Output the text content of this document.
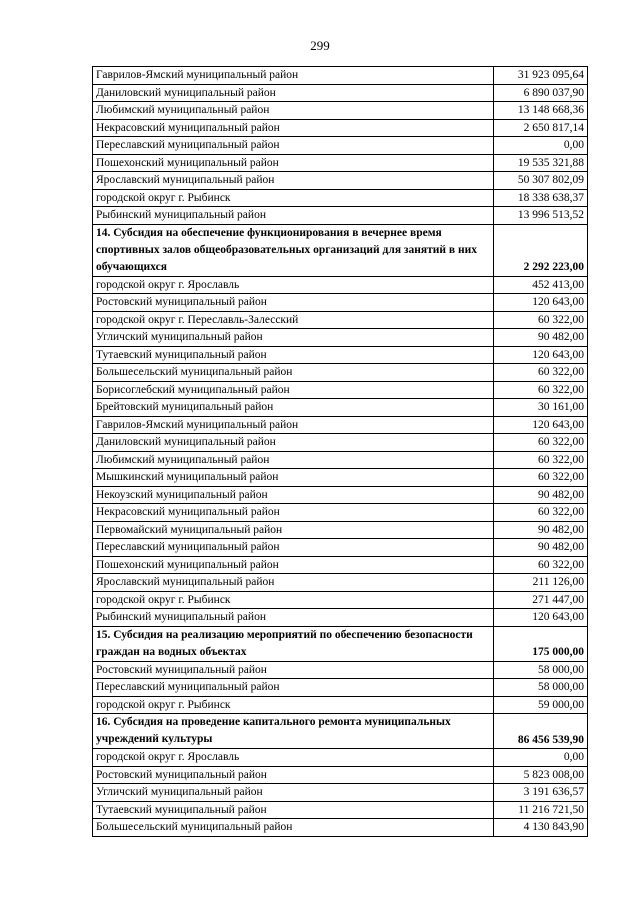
299
Гаврилов-Ямский муниципальный район	31 923 095,64
Даниловский муниципальный район	6 890 037,90
Любимский муниципальный район	13 148 668,36
Некрасовский муниципальный район	2 650 817,14
Переславский муниципальный район	0,00
Пошехонский муниципальный район	19 535 321,88
Ярославский муниципальный район	50 307 802,09
городской округ г. Рыбинск	18 338 638,37
Рыбинский муниципальный район	13 996 513,52
14. Субсидия на обеспечение функционирования в вечернее время спортивных залов общеобразовательных организаций для занятий в них обучающихся	2 292 223,00
городской округ г. Ярославль	452 413,00
Ростовский муниципальный район	120 643,00
городской округ г. Переславль-Залесский	60 322,00
Угличский муниципальный район	90 482,00
Тутаевский муниципальный район	120 643,00
Большесельский муниципальный район	60 322,00
Борисоглебский муниципальный район	60 322,00
Брейтовский муниципальный район	30 161,00
Гаврилов-Ямский муниципальный район	120 643,00
Даниловский муниципальный район	60 322,00
Любимский муниципальный район	60 322,00
Мышкинский муниципальный район	60 322,00
Некоузский муниципальный район	90 482,00
Некрасовский муниципальный район	60 322,00
Первомайский муниципальный район	90 482,00
Переславский муниципальный район	90 482,00
Пошехонский муниципальный район	60 322,00
Ярославский муниципальный район	211 126,00
городской округ г. Рыбинск	271 447,00
Рыбинский муниципальный район	120 643,00
15. Субсидия на реализацию мероприятий по обеспечению безопасности граждан на водных объектах	175 000,00
Ростовский муниципальный район	58 000,00
Переславский муниципальный район	58 000,00
городской округ г. Рыбинск	59 000,00
16. Субсидия на проведение капитального ремонта муниципальных учреждений культуры	86 456 539,90
городской округ г. Ярославль	0,00
Ростовский муниципальный район	5 823 008,00
Угличский муниципальный район	3 191 636,57
Тутаевский муниципальный район	11 216 721,50
Большесельский муниципальный район	4 130 843,90
